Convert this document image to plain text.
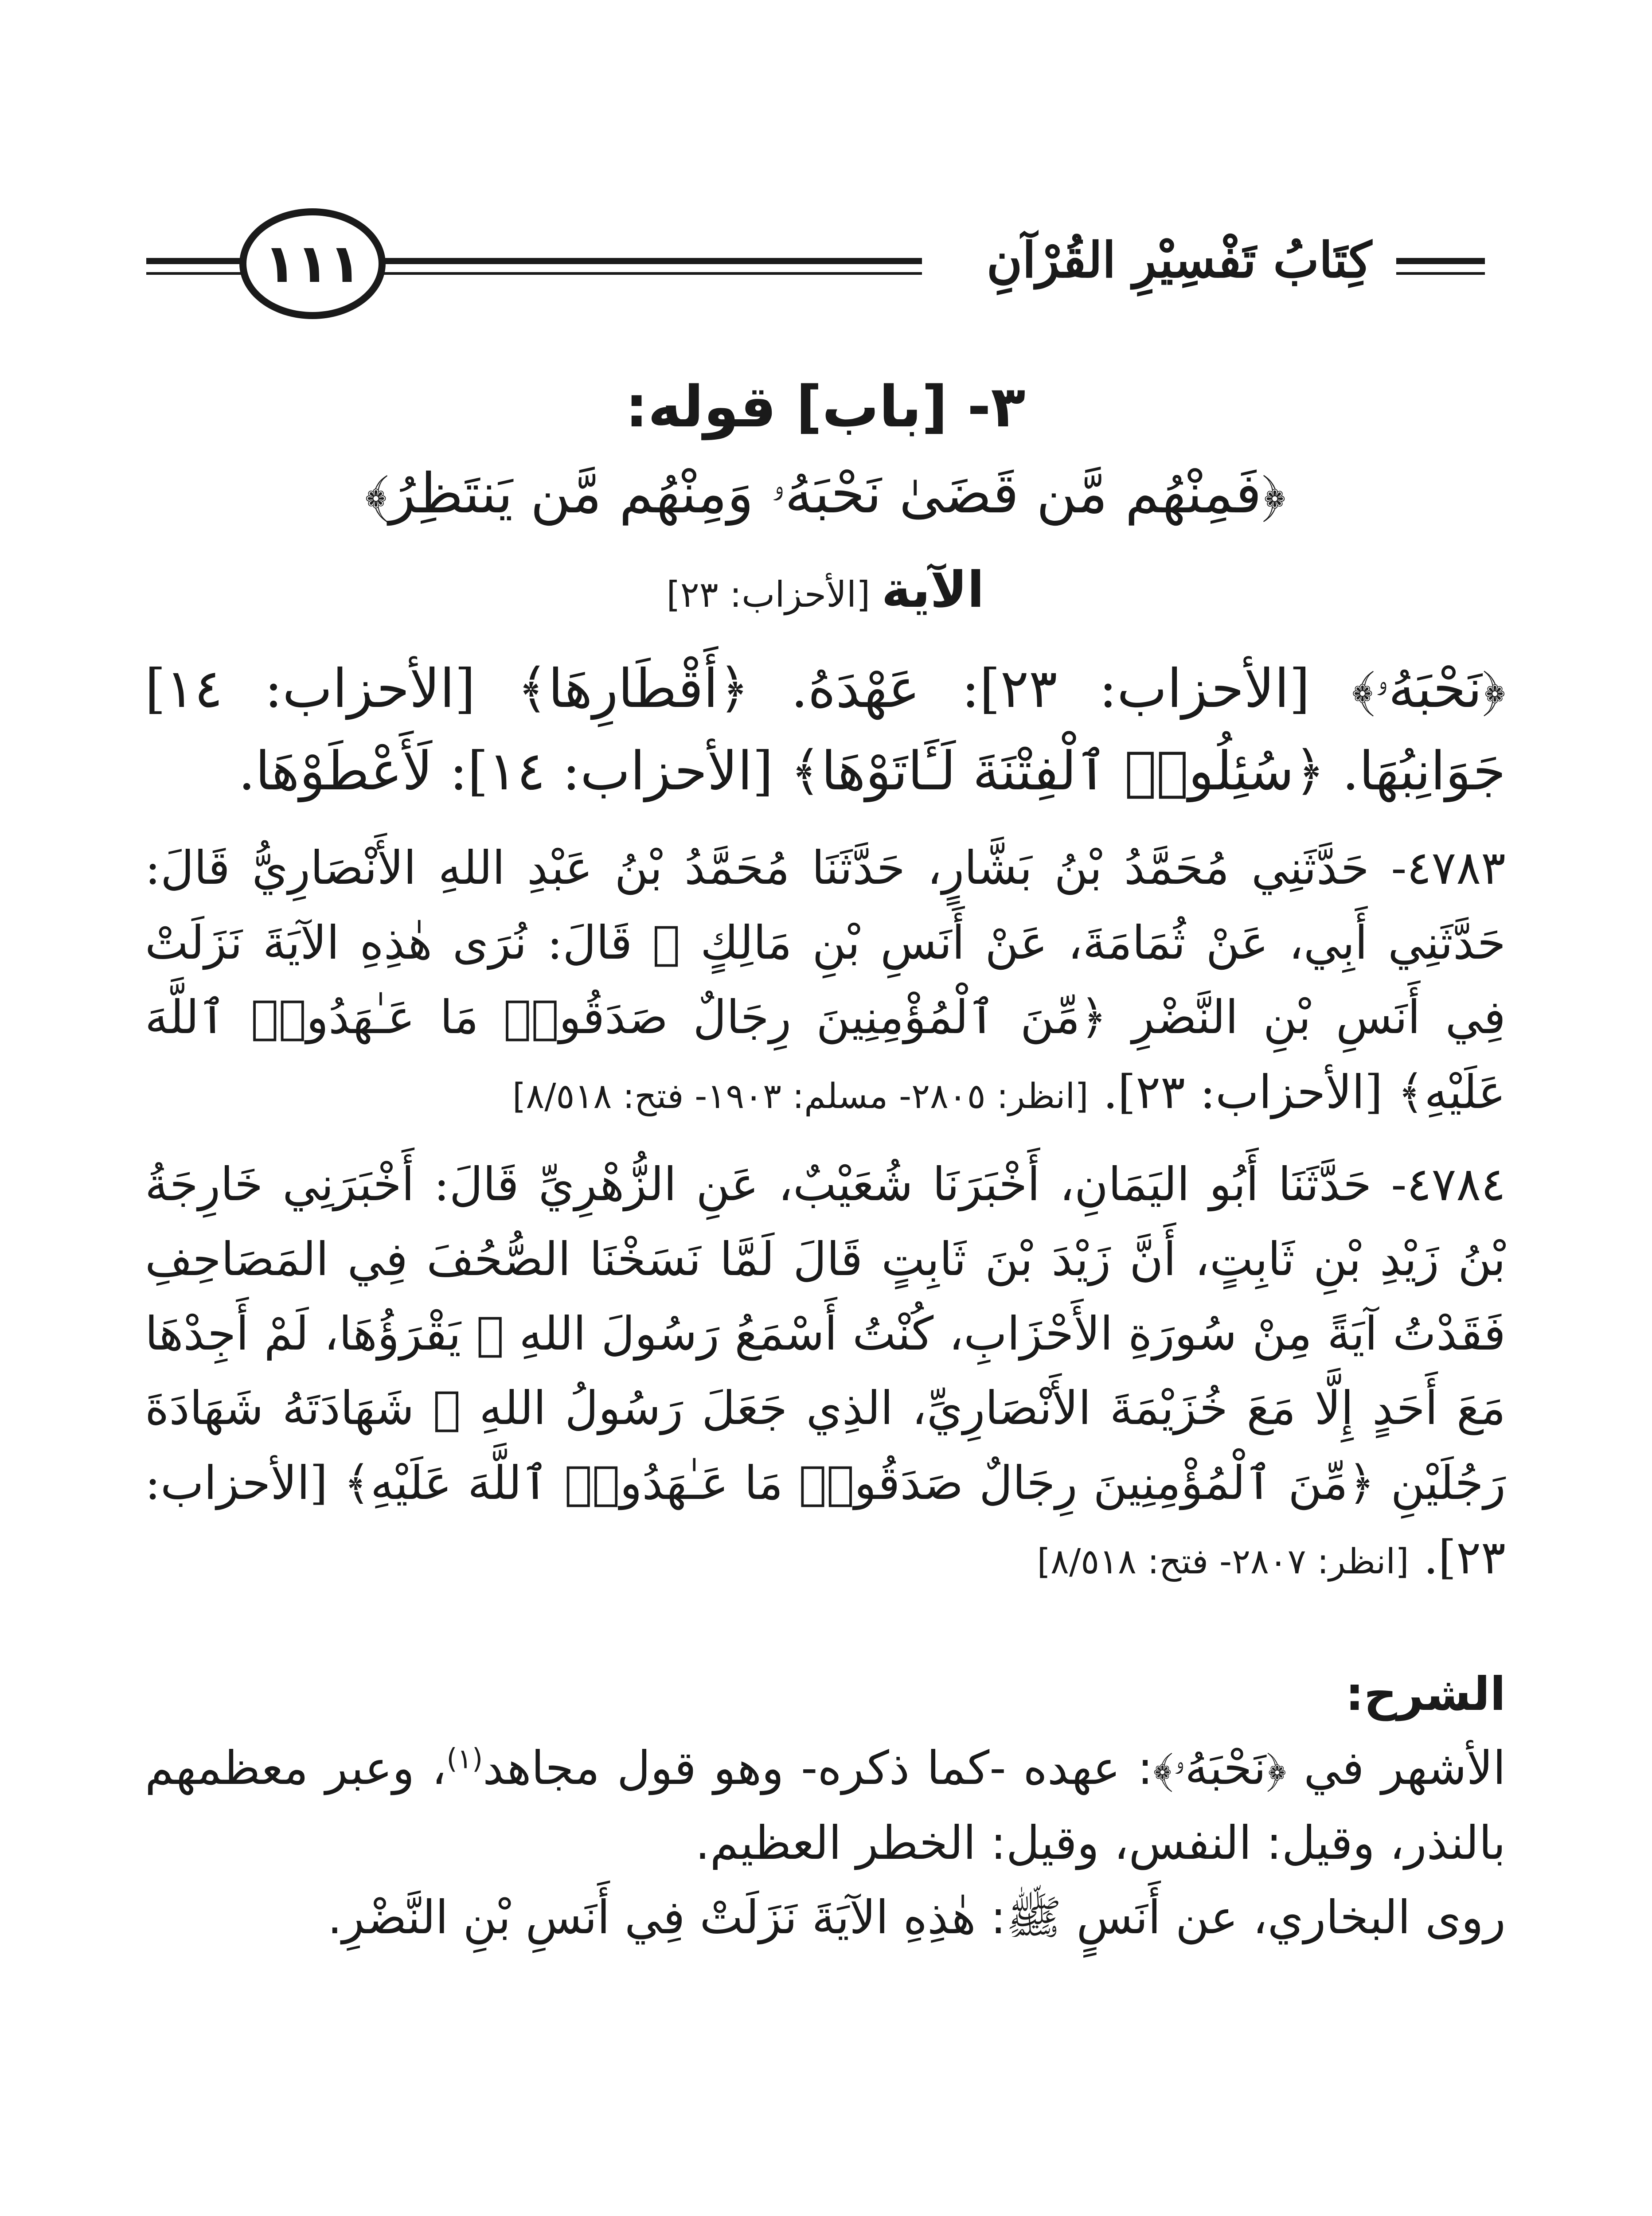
كِتَابُ تَفْسِيْرِ القُرْآنِ
١١١

٣- [باب] قوله:

﴿فَمِنْهُم مَّن قَضَىٰ نَحْبَهُۥ وَمِنْهُم مَّن يَنتَظِرُ﴾

الآية [الأحزاب: ٢٣]

﴿نَحْبَهُۥ﴾ [الأحزاب: ٢٣]: عَهْدَهُ. ﴿أَقْطَارِهَا﴾ [الأحزاب: ١٤] جَوَانِبُهَا. ﴿سُئِلُوا۟ ٱلْفِتْنَةَ لَـَٔاتَوْهَا﴾ [الأحزاب: ١٤]: لَأَعْطَوْهَا.

٤٧٨٣- حَدَّثَنِي مُحَمَّدُ بْنُ بَشَّارٍ، حَدَّثَنَا مُحَمَّدُ بْنُ عَبْدِ اللهِ الأَنْصَارِيُّ قَالَ: حَدَّثَنِي أَبِي، عَنْ ثُمَامَةَ، عَنْ أَنَسِ بْنِ مَالِكٍ ﷺ قَالَ: نُرَى هٰذِهِ الآيَةَ نَزَلَتْ فِي أَنَسِ بْنِ النَّضْرِ ﴿مِّنَ ٱلْمُؤْمِنِينَ رِجَالٌ صَدَقُوا۟ مَا عَـٰهَدُوا۟ ٱللَّهَ عَلَيْهِ﴾ [الأحزاب: ٢٣]. [انظر: ٢٨٠٥- مسلم: ١٩٠٣- فتح: ٨/٥١٨]

٤٧٨٤- حَدَّثَنَا أَبُو اليَمَانِ، أَخْبَرَنَا شُعَيْبٌ، عَنِ الزُّهْرِيِّ قَالَ: أَخْبَرَنِي خَارِجَةُ بْنُ زَيْدِ بْنِ ثَابِتٍ، أَنَّ زَيْدَ بْنَ ثَابِتٍ قَالَ لَمَّا نَسَخْنَا الصُّحُفَ فِي المَصَاحِفِ فَقَدْتُ آيَةً مِنْ سُورَةِ الأَحْزَابِ، كُنْتُ أَسْمَعُ رَسُولَ اللهِ ﷺ يَقْرَؤُهَا، لَمْ أَجِدْهَا مَعَ أَحَدٍ إِلَّا مَعَ خُزَيْمَةَ الأَنْصَارِيِّ، الذِي جَعَلَ رَسُولُ اللهِ ﷺ شَهَادَتَهُ شَهَادَةَ رَجُلَيْنِ ﴿مِّنَ ٱلْمُؤْمِنِينَ رِجَالٌ صَدَقُوا۟ مَا عَـٰهَدُوا۟ ٱللَّهَ عَلَيْهِ﴾ [الأحزاب: ٢٣]. [انظر: ٢٨٠٧- فتح: ٨/٥١٨]

الشرح:

الأشهر في ﴿نَحْبَهُۥ﴾: عهده -كما ذكره- وهو قول مجاهد$^{(١)}$، وعبر معظمهم بالنذر، وقيل: النفس، وقيل: الخطر العظيم.

روى البخاري، عن أَنَسٍ ﷺ: هٰذِهِ الآيَةَ نَزَلَتْ فِي أَنَسِ بْنِ النَّضْرِ.
